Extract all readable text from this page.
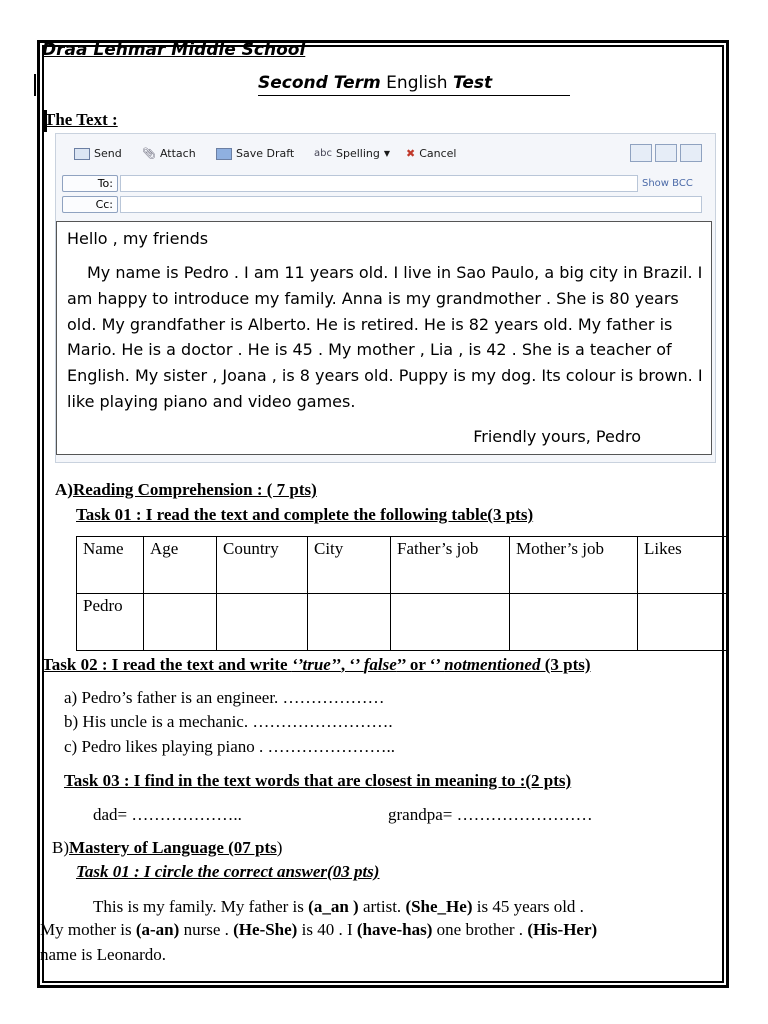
Draa Lehmar Middle School
Second Term English Test
The Text :
Send 📎︎ Attach	Save Draft abc Spelling ▼ ✖ Cancel
To:	Show BCC
Cc:
Hello , my friends
My name is Pedro . I am 11 years old. I live in Sao Paulo, a big city in Brazil. I am happy to introduce my family. Anna is my grandmother . She is 80 years old. My grandfather is Alberto. He is retired. He is 82 years old. My father is Mario. He is a doctor . He is 45 . My mother , Lia , is 42 . She is a teacher of English. My sister , Joana , is 8 years old. Puppy is my dog. Its colour is brown. I like playing piano and video games.
Friendly yours, Pedro
A)Reading Comprehension : ( 7 pts)
Task 01 : I read the text and complete the following table(3 pts)
Name	Age	Country	City	Father’s job	Mother’s job	Likes
Pedro						
Task 02 : I read the text and write ‘’true’’, ‘’ false’’ or ‘’ notmentioned (3 pts)
a) Pedro’s father is an engineer. ………………
b) His uncle is a mechanic. …………………….
c) Pedro likes playing piano . …………………..
Task 03 : I find in the text words that are closest in meaning to :(2 pts)
dad= ………………..	grandpa= ……………………
B)Mastery of Language (07 pts)
Task 01 : I circle the correct answer(03 pts)
This is my family. My father is (a_an ) artist. (She_He) is 45 years old .
My mother is (a-an) nurse . (He-She) is 40 . I (have-has) one brother . (His-Her)
name is Leonardo.
